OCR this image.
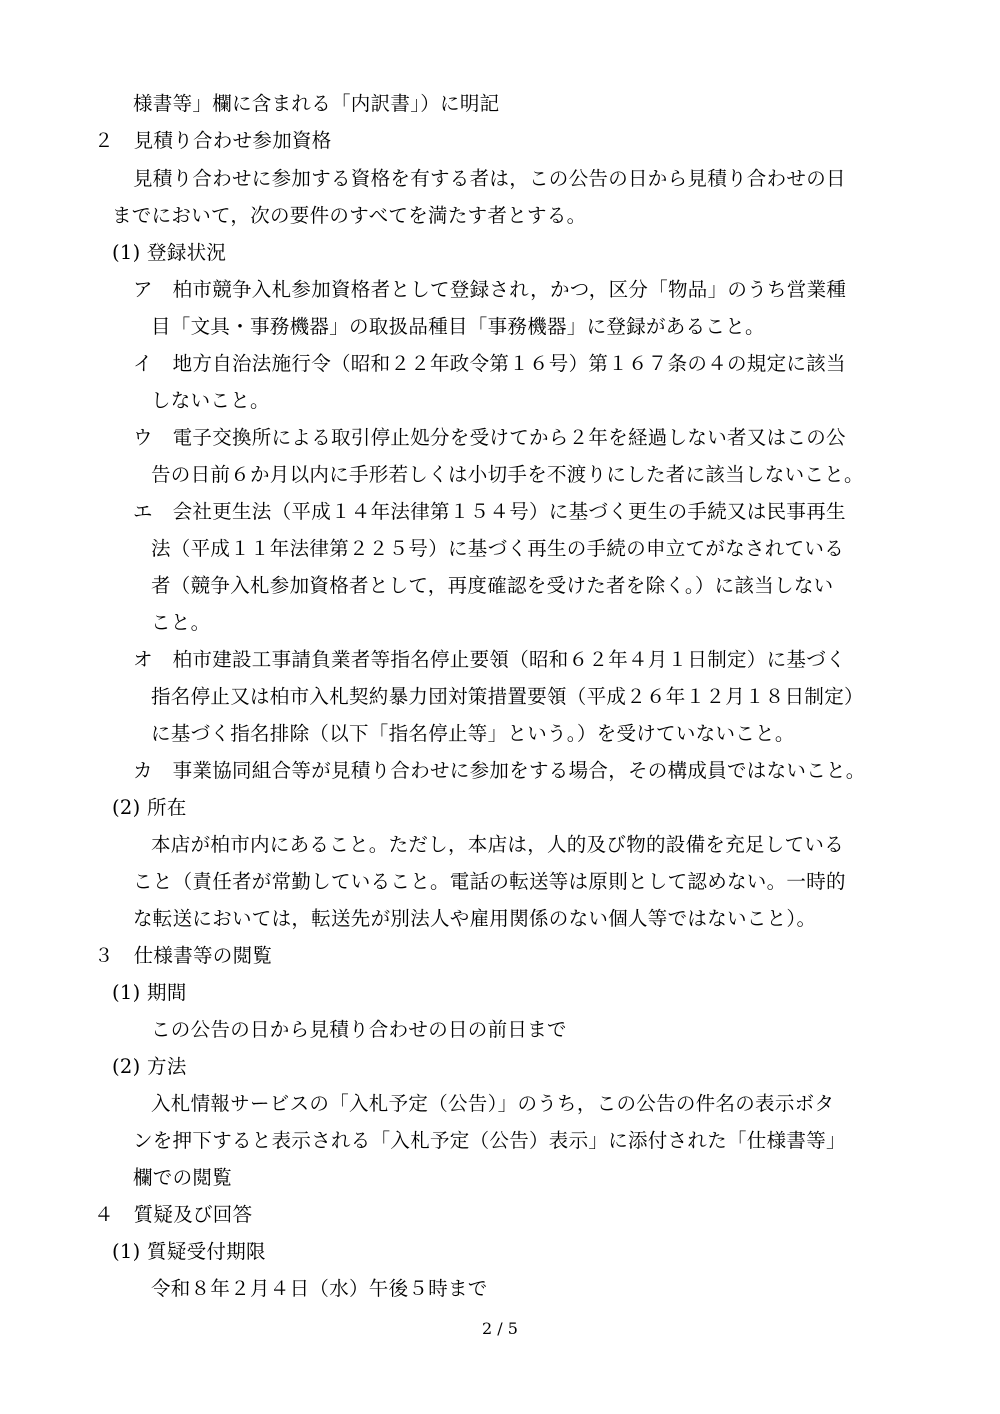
様書等」欄に含まれる「内訳書」）に明記
２　見積り合わせ参加資格
見積り合わせに参加する資格を有する者は，この公告の日から見積り合わせの日
までにおいて，次の要件のすべてを満たす者とする。
(1) 登録状況
ア　柏市競争入札参加資格者として登録され，かつ，区分「物品」のうち営業種
目「文具・事務機器」の取扱品種目「事務機器」に登録があること。
イ　地方自治法施行令（昭和２２年政令第１６号）第１６７条の４の規定に該当
しないこと。
ウ　電子交換所による取引停止処分を受けてから２年を経過しない者又はこの公
告の日前６か月以内に手形若しくは小切手を不渡りにした者に該当しないこと。
エ　会社更生法（平成１４年法律第１５４号）に基づく更生の手続又は民事再生
法（平成１１年法律第２２５号）に基づく再生の手続の申立てがなされている
者（競争入札参加資格者として，再度確認を受けた者を除く。）に該当しない
こと。
オ　柏市建設工事請負業者等指名停止要領（昭和６２年４月１日制定）に基づく
指名停止又は柏市入札契約暴力団対策措置要領（平成２６年１２月１８日制定）
に基づく指名排除（以下「指名停止等」という。）を受けていないこと。
カ　事業協同組合等が見積り合わせに参加をする場合，その構成員ではないこと。
(2) 所在
本店が柏市内にあること。ただし，本店は，人的及び物的設備を充足している
こと（責任者が常勤していること。電話の転送等は原則として認めない。一時的
な転送においては，転送先が別法人や雇用関係のない個人等ではないこと）。
３　仕様書等の閲覧
(1) 期間
この公告の日から見積り合わせの日の前日まで
(2) 方法
入札情報サービスの「入札予定（公告）」のうち，この公告の件名の表示ボタ
ンを押下すると表示される「入札予定（公告）表示」に添付された「仕様書等」
欄での閲覧
４　質疑及び回答
(1) 質疑受付期限
令和８年２月４日（水）午後５時まで
2 / 5
